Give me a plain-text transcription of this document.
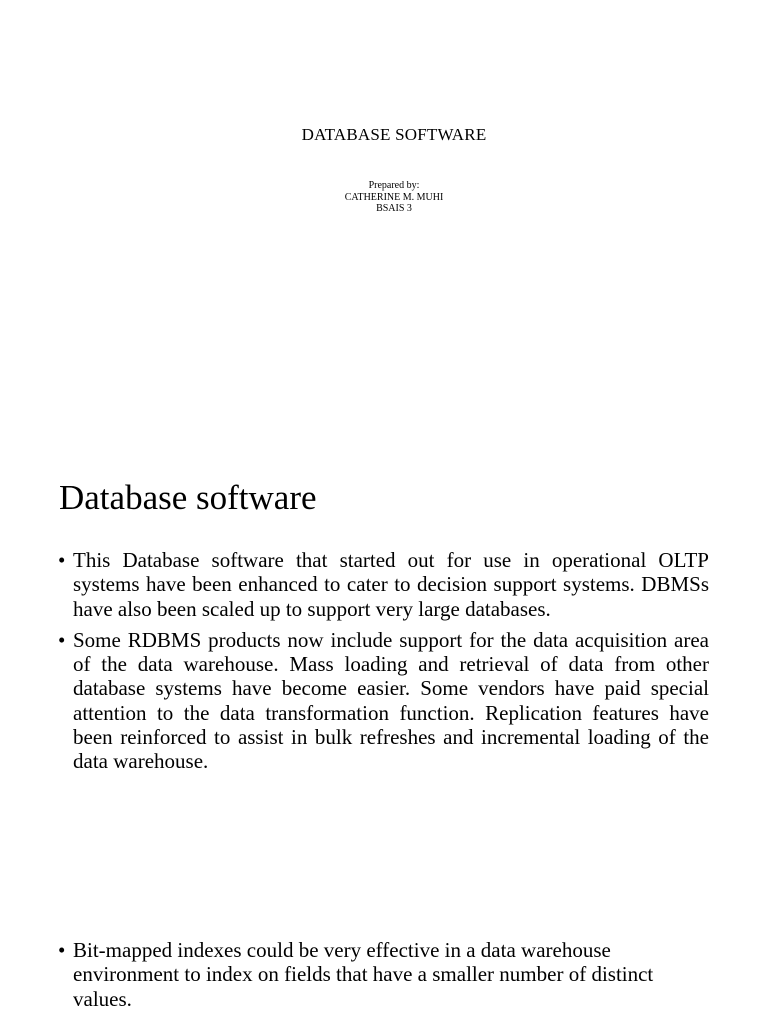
DATABASE SOFTWARE
Prepared by:
CATHERINE M. MUHI
BSAIS 3
Database software
• This Database software that started out for use in operational OLTP systems have been enhanced to cater to decision support systems. DBMSs have also been scaled up to support very large databases.
• Some RDBMS products now include support for the data acquisition area of the data warehouse. Mass loading and retrieval of data from other database systems have become easier. Some vendors have paid special attention to the data transformation function. Replication features have been reinforced to assist in bulk refreshes and incremental loading of the data warehouse.
• Bit-mapped indexes could be very effective in a data warehouse environment to index on fields that have a smaller number of distinct values.
